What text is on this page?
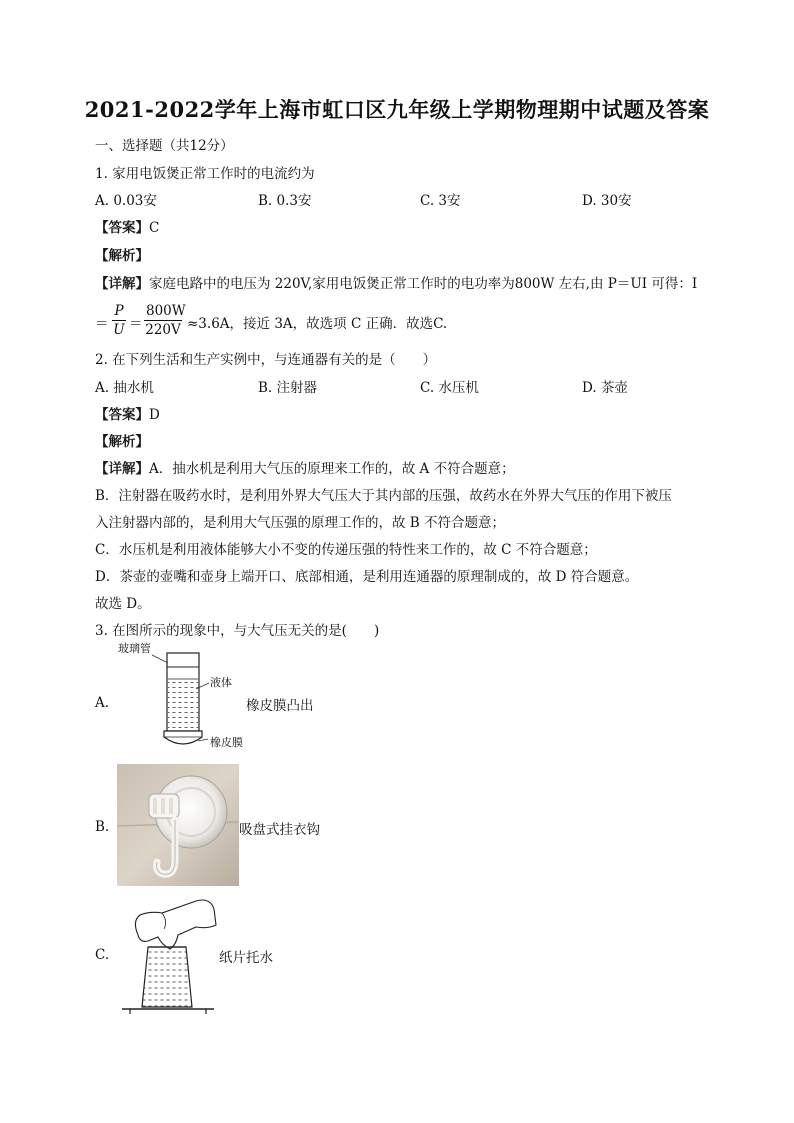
2021-2022学年上海市虹口区九年级上学期物理期中试题及答案
一、选择题（共12分）
1. 家用电饭煲正常工作时的电流约为
A. 0.03安	B. 0.3安	C. 3安	D. 30安
【答案】C
【解析】
【详解】家庭电路中的电压为 220V,家用电饭煲正常工作时的电功率为800W 左右,由 P＝UI 可得：I
＝ $\frac{P}{U} = \frac{800W}{220V} \approx 3.6A$，接近 3A，故选项 C 正确．故选C.
2. 在下列生活和生产实例中，与连通器有关的是（　　）
A. 抽水机	B. 注射器	C. 水压机	D. 茶壶
【答案】D
【解析】
【详解】A．抽水机是利用大气压的原理来工作的，故 A 不符合题意；
B．注射器在吸药水时，是利用外界大气压大于其内部的压强，故药水在外界大气压的作用下被压
入注射器内部的，是利用大气压强的原理工作的，故 B 不符合题意；
C．水压机是利用液体能够大小不变的传递压强的特性来工作的，故 C 不符合题意；
D．茶壶的壶嘴和壶身上端开口、底部相通，是利用连通器的原理制成的，故 D 符合题意。
故选 D。
3. 在图所示的现象中，与大气压无关的是(　　)
A.
玻璃管
液体
橡皮膜
橡皮膜凸出
B.	吸盘式挂衣钩
C.	纸片托水
